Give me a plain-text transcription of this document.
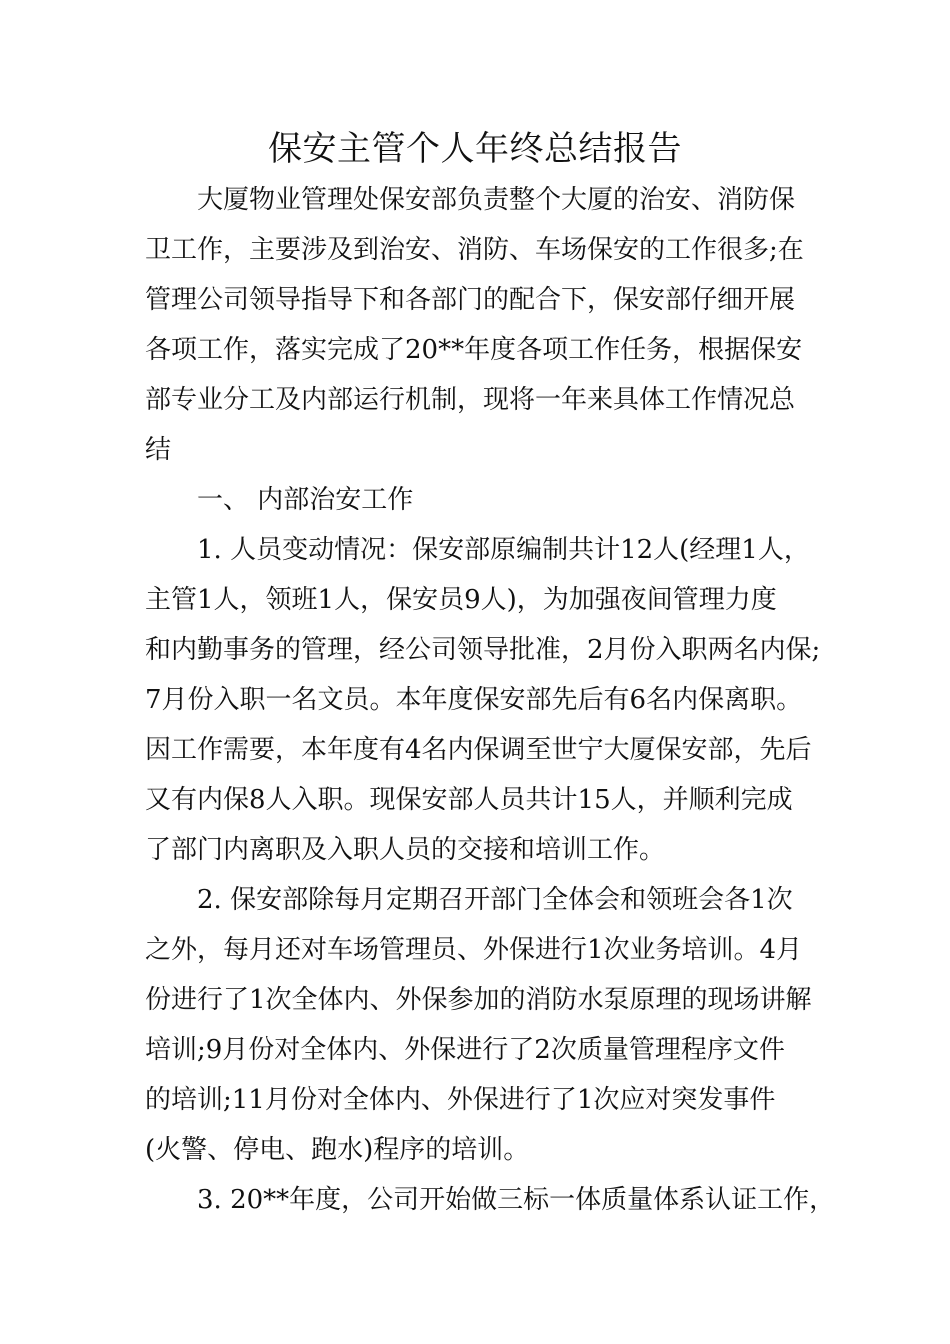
保安主管个人年终总结报告
大厦物业管理处保安部负责整个大厦的治安、消防保
卫工作，主要涉及到治安、消防、车场保安的工作很多;在
管理公司领导指导下和各部门的配合下，保安部仔细开展
各项工作，落实完成了20**年度各项工作任务，根据保安
部专业分工及内部运行机制，现将一年来具体工作情况总
结
一、 内部治安工作
1. 人员变动情况：保安部原编制共计12人(经理1人，
主管1人，领班1人，保安员9人)，为加强夜间管理力度
和内勤事务的管理，经公司领导批准，2月份入职两名内保;
7月份入职一名文员。本年度保安部先后有6名内保离职。
因工作需要，本年度有4名内保调至世宁大厦保安部，先后
又有内保8人入职。现保安部人员共计15人，并顺利完成
了部门内离职及入职人员的交接和培训工作。
2. 保安部除每月定期召开部门全体会和领班会各1次
之外，每月还对车场管理员、外保进行1次业务培训。4月
份进行了1次全体内、外保参加的消防水泵原理的现场讲解
培训;9月份对全体内、外保进行了2次质量管理程序文件
的培训;11月份对全体内、外保进行了1次应对突发事件
(火警、停电、跑水)程序的培训。
3. 20**年度，公司开始做三标一体质量体系认证工作，
